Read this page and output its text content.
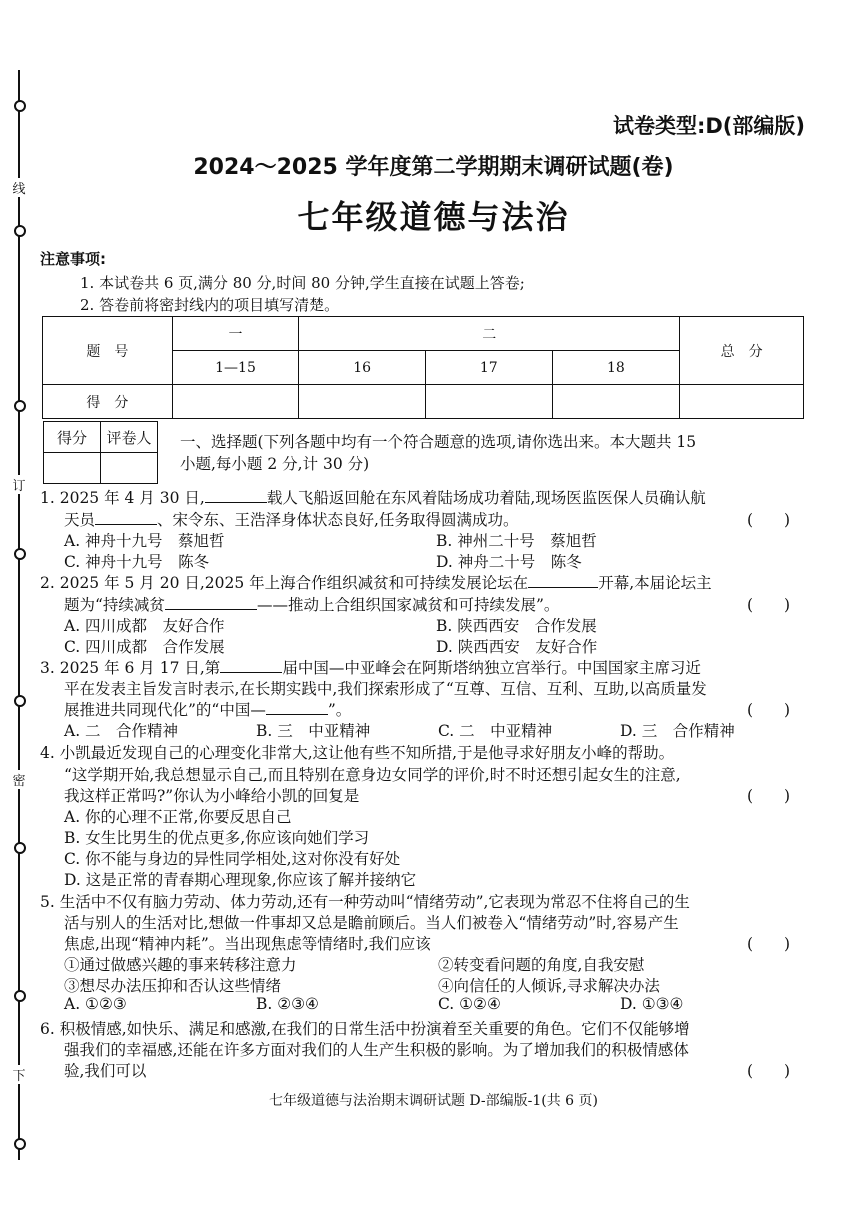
线
订
密
下
试卷类型:D(部编版)
2024～2025 学年度第二学期期末调研试题(卷)
七年级道德与法治
注意事项:
1. 本试卷共 6 页,满分 80 分,时间 80 分钟,学生直接在试题上答卷;
2. 答卷前将密封线内的项目填写清楚。
题　号	一	二			总　分
	1—15	16	17	18	
得　分					
得分	评卷人
	一、选择题(下列各题中均有一个符合题意的选项,请你选出来。本大题共 15
小题,每小题 2 分,计 30 分)
1. 2025 年 4 月 30 日,	载人飞船返回舱在东风着陆场成功着陆,现场医监医保人员确认航
天员	、宋令东、王浩泽身体状态良好,任务取得圆满成功。	(　　)
A. 神舟十九号　蔡旭哲	B. 神州二十号　蔡旭哲
C. 神舟十九号　陈冬	D. 神舟二十号　陈冬
2. 2025 年 5 月 20 日,2025 年上海合作组织减贫和可持续发展论坛在	开幕,本届论坛主
题为“持续减贫	——推动上合组织国家减贫和可持续发展”。	(　　)
A. 四川成都　友好合作	B. 陕西西安　合作发展
C. 四川成都　合作发展	D. 陕西西安　友好合作
3. 2025 年 6 月 17 日,第	届中国—中亚峰会在阿斯塔纳独立宫举行。中国国家主席习近
平在发表主旨发言时表示,在长期实践中,我们探索形成了“互尊、互信、互利、互助,以高质量发
展推进共同现代化”的“中国—	”。	(　　)
A. 二　合作精神	B. 三　中亚精神	C. 二　中亚精神	D. 三　合作精神
4. 小凯最近发现自己的心理变化非常大,这让他有些不知所措,于是他寻求好朋友小峰的帮助。
“这学期开始,我总想显示自己,而且特别在意身边女同学的评价,时不时还想引起女生的注意,
我这样正常吗?”你认为小峰给小凯的回复是	(　　)
A. 你的心理不正常,你要反思自己
B. 女生比男生的优点更多,你应该向她们学习
C. 你不能与身边的异性同学相处,这对你没有好处
D. 这是正常的青春期心理现象,你应该了解并接纳它
5. 生活中不仅有脑力劳动、体力劳动,还有一种劳动叫“情绪劳动”,它表现为常忍不住将自己的生
活与别人的生活对比,想做一件事却又总是瞻前顾后。当人们被卷入“情绪劳动”时,容易产生
焦虑,出现“精神内耗”。当出现焦虑等情绪时,我们应该	(　　)
①通过做感兴趣的事来转移注意力	②转变看问题的角度,自我安慰
③想尽办法压抑和否认这些情绪	④向信任的人倾诉,寻求解决办法
A. ①②③	B. ②③④	C. ①②④	D. ①③④
6. 积极情感,如快乐、满足和感激,在我们的日常生活中扮演着至关重要的角色。它们不仅能够增
强我们的幸福感,还能在许多方面对我们的人生产生积极的影响。为了增加我们的积极情感体
验,我们可以	(　　)
七年级道德与法治期末调研试题 D-部编版-1(共 6 页)
